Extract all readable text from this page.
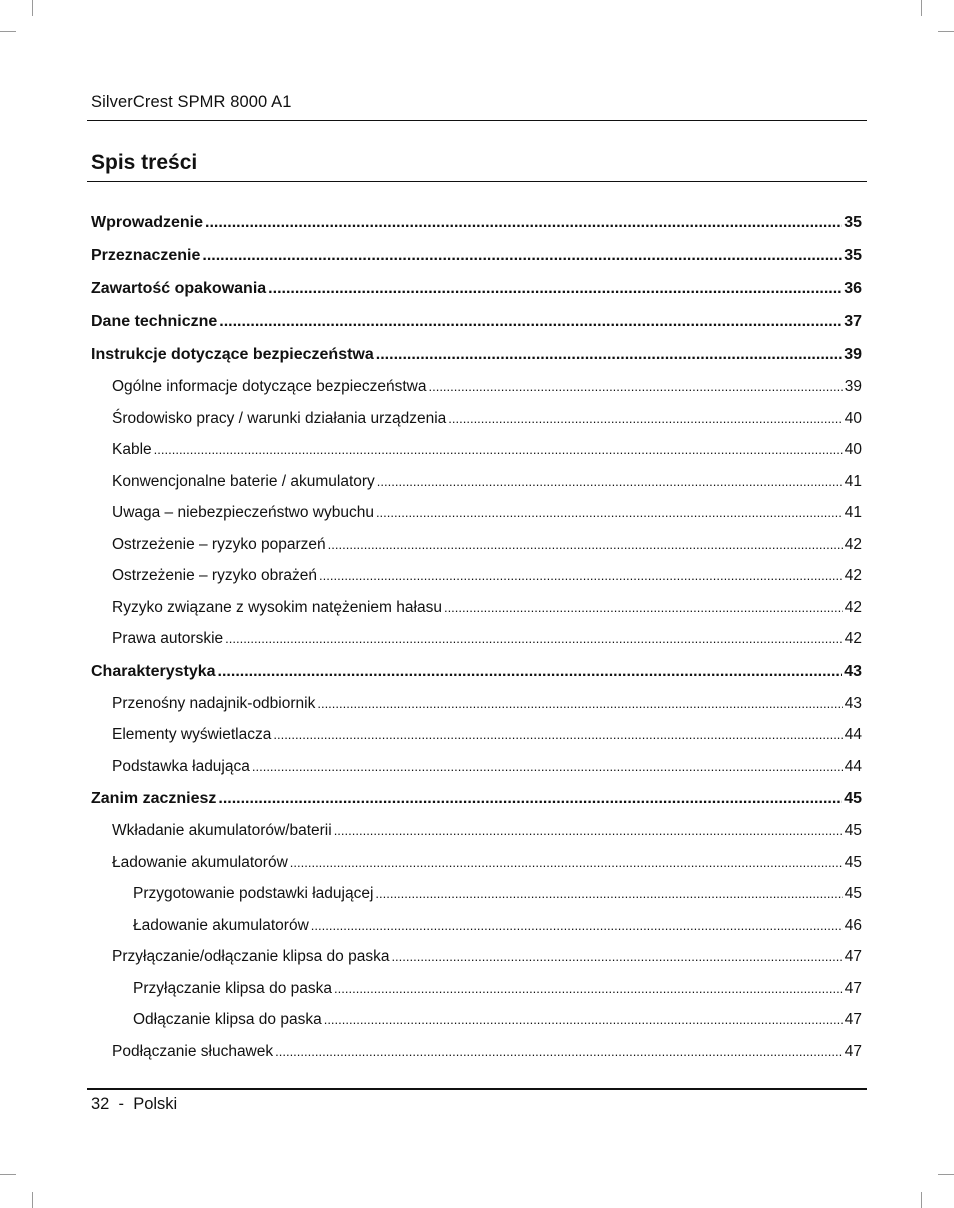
SilverCrest SPMR 8000 A1
Spis treści
Wprowadzenie .....	35
Przeznaczenie .....	35
Zawartość opakowania .....	36
Dane techniczne .....	37
Instrukcje dotyczące bezpieczeństwa .....	39
Ogólne informacje dotyczące bezpieczeństwa .....	39
Środowisko pracy / warunki działania urządzenia .....	40
Kable .....	40
Konwencjonalne baterie / akumulatory .....	41
Uwaga – niebezpieczeństwo wybuchu .....	41
Ostrzeżenie – ryzyko poparzeń .....	42
Ostrzeżenie – ryzyko obrażeń .....	42
Ryzyko związane z wysokim natężeniem hałasu .....	42
Prawa autorskie .....	42
Charakterystyka .....	43
Przenośny nadajnik-odbiornik .....	43
Elementy wyświetlacza .....	44
Podstawka ładująca .....	44
Zanim zaczniesz .....	45
Wkładanie akumulatorów/baterii .....	45
Ładowanie akumulatorów .....	45
Przygotowanie podstawki ładującej .....	45
Ładowanie akumulatorów .....	46
Przyłączanie/odłączanie klipsa do paska .....	47
Przyłączanie klipsa do paska .....	47
Odłączanie klipsa do paska .....	47
Podłączanie słuchawek .....	47
32 - Polski
